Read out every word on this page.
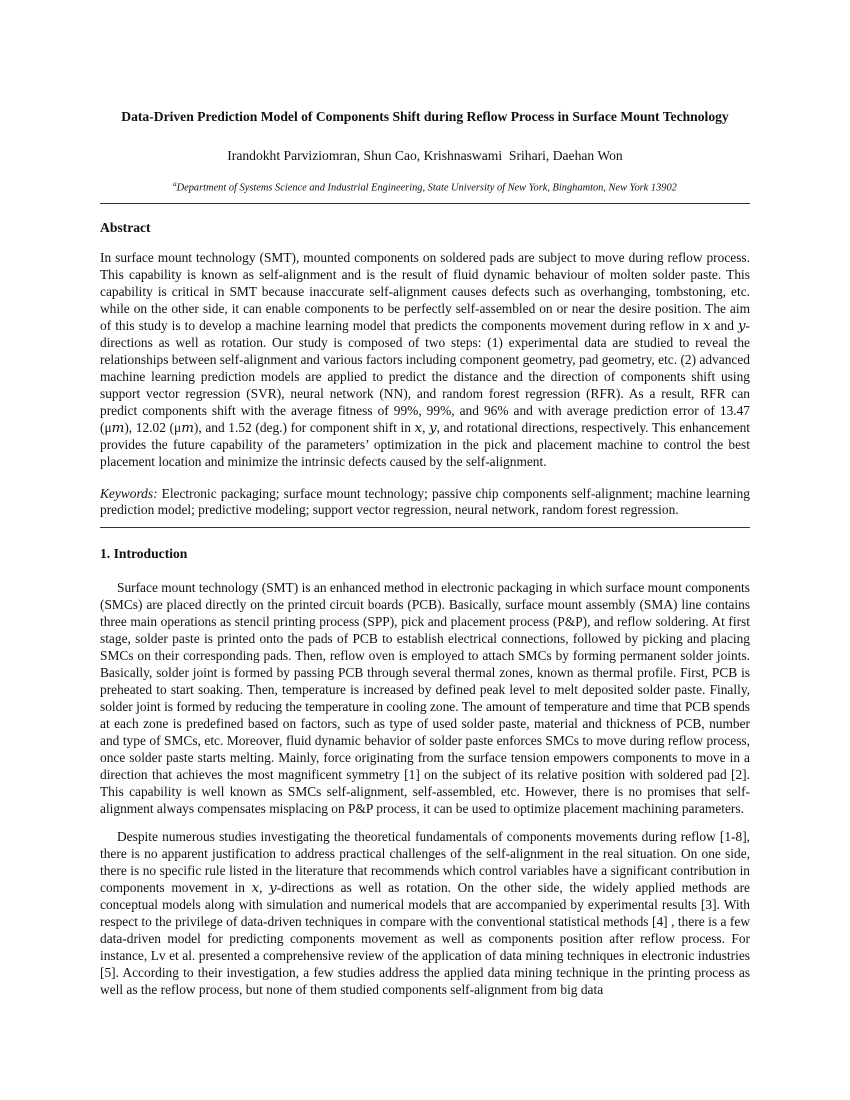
Data-Driven Prediction Model of Components Shift during Reflow Process in Surface Mount Technology

Irandokht Parviziomran, Shun Cao, Krishnaswami  Srihari, Daehan Won

$^a$Department of Systems Science and Industrial Engineering, State University of New York, Binghamton, New York 13902

Abstract

In surface mount technology (SMT), mounted components on soldered pads are subject to move during reflow process. This capability is known as self-alignment and is the result of fluid dynamic behaviour of molten solder paste. This capability is critical in SMT because inaccurate self-alignment causes defects such as overhanging, tombstoning, etc. while on the other side, it can enable components to be perfectly self-assembled on or near the desire position. The aim of this study is to develop a machine learning model that predicts the components movement during reflow in 𝑥 and 𝑦-directions as well as rotation. Our study is composed of two steps: (1) experimental data are studied to reveal the relationships between self-alignment and various factors including component geometry, pad geometry, etc. (2) advanced machine learning prediction models are applied to predict the distance and the direction of components shift using support vector regression (SVR), neural network (NN), and random forest regression (RFR). As a result, RFR can predict components shift with the average fitness of 99%, 99%, and 96% and with average prediction error of 13.47 (μ𝑚), 12.02 (μ𝑚), and 1.52 (deg.) for component shift in 𝑥, 𝑦, and rotational directions, respectively. This enhancement provides the future capability of the parameters’ optimization in the pick and placement machine to control the best placement location and minimize the intrinsic defects caused by the self-alignment.

Keywords: Electronic packaging; surface mount technology; passive chip components self-alignment; machine learning prediction model; predictive modeling; support vector regression, neural network, random forest regression.

1. Introduction

Surface mount technology (SMT) is an enhanced method in electronic packaging in which surface mount components (SMCs) are placed directly on the printed circuit boards (PCB). Basically, surface mount assembly (SMA) line contains three main operations as stencil printing process (SPP), pick and placement process (P&P), and reflow soldering. At first stage, solder paste is printed onto the pads of PCB to establish electrical connections, followed by picking and placing SMCs on their corresponding pads. Then, reflow oven is employed to attach SMCs by forming permanent solder joints. Basically, solder joint is formed by passing PCB through several thermal zones, known as thermal profile. First, PCB is preheated to start soaking. Then, temperature is increased by defined peak level to melt deposited solder paste. Finally, solder joint is formed by reducing the temperature in cooling zone. The amount of temperature and time that PCB spends at each zone is predefined based on factors, such as type of used solder paste, material and thickness of PCB, number and type of SMCs, etc. Moreover, fluid dynamic behavior of solder paste enforces SMCs to move during reflow process, once solder paste starts melting. Mainly, force originating from the surface tension empowers components to move in a direction that achieves the most magnificent symmetry [1] on the subject of its relative position with soldered pad [2]. This capability is well known as SMCs self-alignment, self-assembled, etc. However, there is no promises that self-alignment always compensates misplacing on P&P process, it can be used to optimize placement machining parameters.

Despite numerous studies investigating the theoretical fundamentals of components movements during reflow [1-8], there is no apparent justification to address practical challenges of the self-alignment in the real situation. On one side, there is no specific rule listed in the literature that recommends which control variables have a significant contribution in components movement in 𝑥, 𝑦-directions as well as rotation. On the other side, the widely applied methods are conceptual models along with simulation and numerical models that are accompanied by experimental results [3]. With respect to the privilege of data-driven techniques in compare with the conventional statistical methods [4] , there is a few data-driven model for predicting components movement as well as components position after reflow process. For instance, Lv et al. presented a comprehensive review of the application of data mining techniques in electronic industries [5]. According to their investigation, a few studies address the applied data mining technique in the printing process as well as the reflow process, but none of them studied components self-alignment from big data
